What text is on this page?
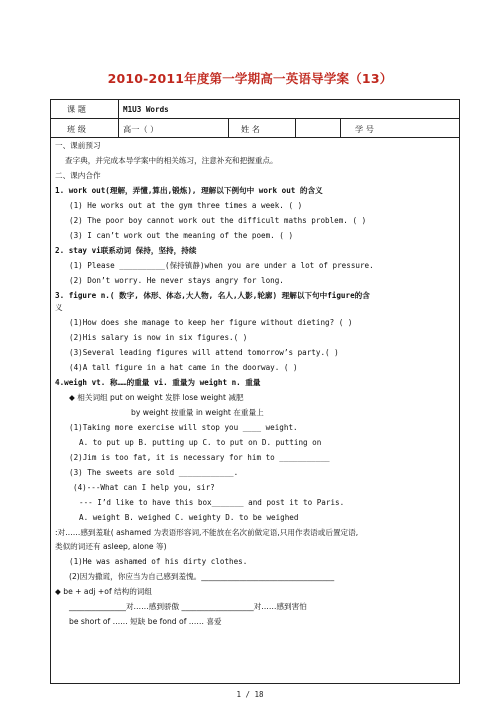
2010-2011年度第一学期高一英语导学案（13）
课 题	M1U3 Words
班 级	高一（ ）	姓 名	学 号
一、课前预习
查字典，并完成本导学案中的相关练习，注意补充和把握重点。
二、课内合作
1. work out(理解，弄懂,算出,锻炼), 理解以下例句中 work out 的含义
(1) He works out at the gym three times a week. ( )
(2) The poor boy cannot work out the difficult maths problem. ( )
(3) I can’t work out the meaning of the poem. ( )
2. stay vi联系动词 保持，坚持，持续
(1) Please __________(保持镇静)when you are under a lot of pressure.
(2) Don’t worry. He never stays angry for long.
3. figure n.( 数字, 体形、体态,大人物, 名人,人影,轮廓) 理解以下句中figure的含
义
(1)How does she manage to keep her figure without dieting? ( )
(2)His salary is now in six figures.( )
(3)Several leading figures will attend tomorrow’s party.( )
(4)A tall figure in a hat came in the doorway. ( )
4.weigh vt. 称……的重量 vi. 重量为 weight n. 重量
◆ 相关词组 put on weight 发胖 lose weight 减肥
by weight 按重量 in weight 在重量上
(1)Taking more exercise will stop you ____ weight.
A. to put up B. putting up C. to put on D. putting on
(2)Jim is too fat, it is necessary for him to ___________
(3) The sweets are sold ____________.
(4)---What can I help you, sir?
--- I’d like to have this box_______ and post it to Paris.
A. weight B. weighed C. weighty D. to be weighed
:对……感到羞耻( ashamed 为表语形容词,不能放在名次前做定语,只用作表语或后置定语,
类似的词还有 asleep, alone 等)
(1)He was ashamed of his dirty clothes.
(2)因为撒谎，你应当为自己感到羞愧。___________________________________
◆ be + adj +of 结构的词组
_______________对……感到骄傲 ___________________对……感到害怕
be short of …… 短缺 be fond of …… 喜爱
1 / 18
